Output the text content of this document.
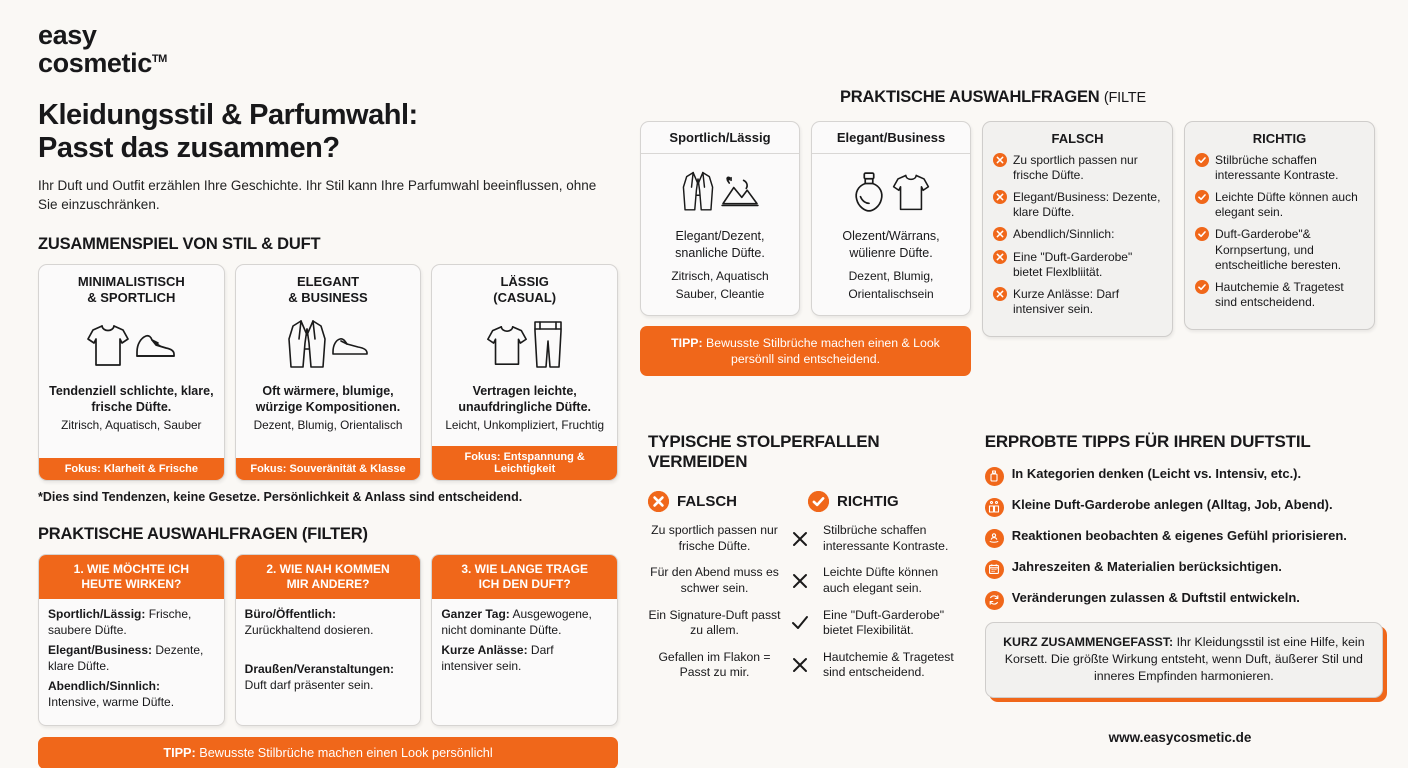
easy
cosmetic™
Kleidungsstil & Parfumwahl:
Passt das zusammen?
Ihr Duft und Outfit erzählen Ihre Geschichte. Ihr Stil kann Ihre Parfumwahl beeinflussen, ohne Sie einzuschränken.
ZUSAMMENSPIEL VON STIL & DUFT
MINIMALISTISCH
& SPORTLICH
Tendenziell schlichte, klare, frische Düfte.
Zitrisch, Aquatisch, Sauber
Fokus: Klarheit & Frische
ELEGANT
& BUSINESS
Oft wärmere, blumige, würzige Kompositionen.
Dezent, Blumig, Orientalisch
Fokus: Souveränität & Klasse
LÄSSIG
(CASUAL)
Vertragen leichte, unaufdringliche Düfte.
Leicht, Unkompliziert, Fruchtig
Fokus: Entspannung & Leichtigkeit
*Dies sind Tendenzen, keine Gesetze. Persönlichkeit & Anlass sind entscheidend.
PRAKTISCHE AUSWAHLFRAGEN (FILTER)
1. WIE MÖCHTE ICH
HEUTE WIRKEN?
Sportlich/Lässig: Frische, saubere Düfte.
Elegant/Business: Dezente, klare Düfte.
Abendlich/Sinnlich: Intensive, warme Düfte.
2. WIE NAH KOMMEN
MIR ANDERE?
Büro/Öffentlich: Zurückhaltend dosieren.
Draußen/Veranstaltungen: Duft darf präsenter sein.
3. WIE LANGE TRAGE
ICH DEN DUFT?
Ganzer Tag: Ausgewogene, nicht dominante Düfte.
Kurze Anlässe: Darf intensiver sein.
TIPP: Bewusste Stilbrüche machen einen Look persönlichl
PRAKTISCHE AUSWAHLFRAGEN (FILTE
Sportlich/Lässig
Elegant/Dezent,
snanliche Düfte.
Zitrisch, Aquatisch
Sauber, Cleantie
Elegant/Business
Olezent/Wärrans,
wülienre Düfte.
Dezent, Blumig,
Orientalischsein
TIPP: Bewusste Stilbrüche machen einen & Look persönll sind entscheidend.
FALSCH
Zu sportlich passen nur frische Düfte.
Elegant/Business: Dezente, klare Düfte.
Abendlich/Sinnlich:
Eine "Duft-Garderobe" bietet Flexlbliität.
Kurze Anlässe: Darf intensiver sein.
RICHTIG
Stilbrüche schaffen interessante Kontraste.
Leichte Düfte können auch elegant sein.
Duft-Garderobe"& Kornpsertung, und entscheitliche beresten.
Hautchemie & Tragetest sind entscheidend.
TYPISCHE STOLPERFALLEN
VERMEIDEN
FALSCH	RICHTIG
Zu sportlich passen nur frische Düfte.
Stilbrüche schaffen interessante Kontraste.
Für den Abend muss es schwer sein.
Leichte Düfte können auch elegant sein.
Ein Signature-Duft passt zu allem.
Eine "Duft-Garderobe" bietet Flexibilität.
Gefallen im Flakon = Passt zu mir.
Hautchemie & Tragetest sind entscheidend.
ERPROBTE TIPPS FÜR IHREN DUFTSTIL
In Kategorien denken (Leicht vs. Intensiv, etc.).
Kleine Duft-Garderobe anlegen (Alltag, Job, Abend).
Reaktionen beobachten & eigenes Gefühl priorisieren.
Jahreszeiten & Materialien berücksichtigen.
Veränderungen zulassen & Duftstil entwickeln.
KURZ ZUSAMMENGEFASST: Ihr Kleidungsstil ist eine Hilfe, kein Korsett. Die größte Wirkung entsteht, wenn Duft, äußerer Stil und inneres Empfinden harmonieren.
www.easycosmetic.de
